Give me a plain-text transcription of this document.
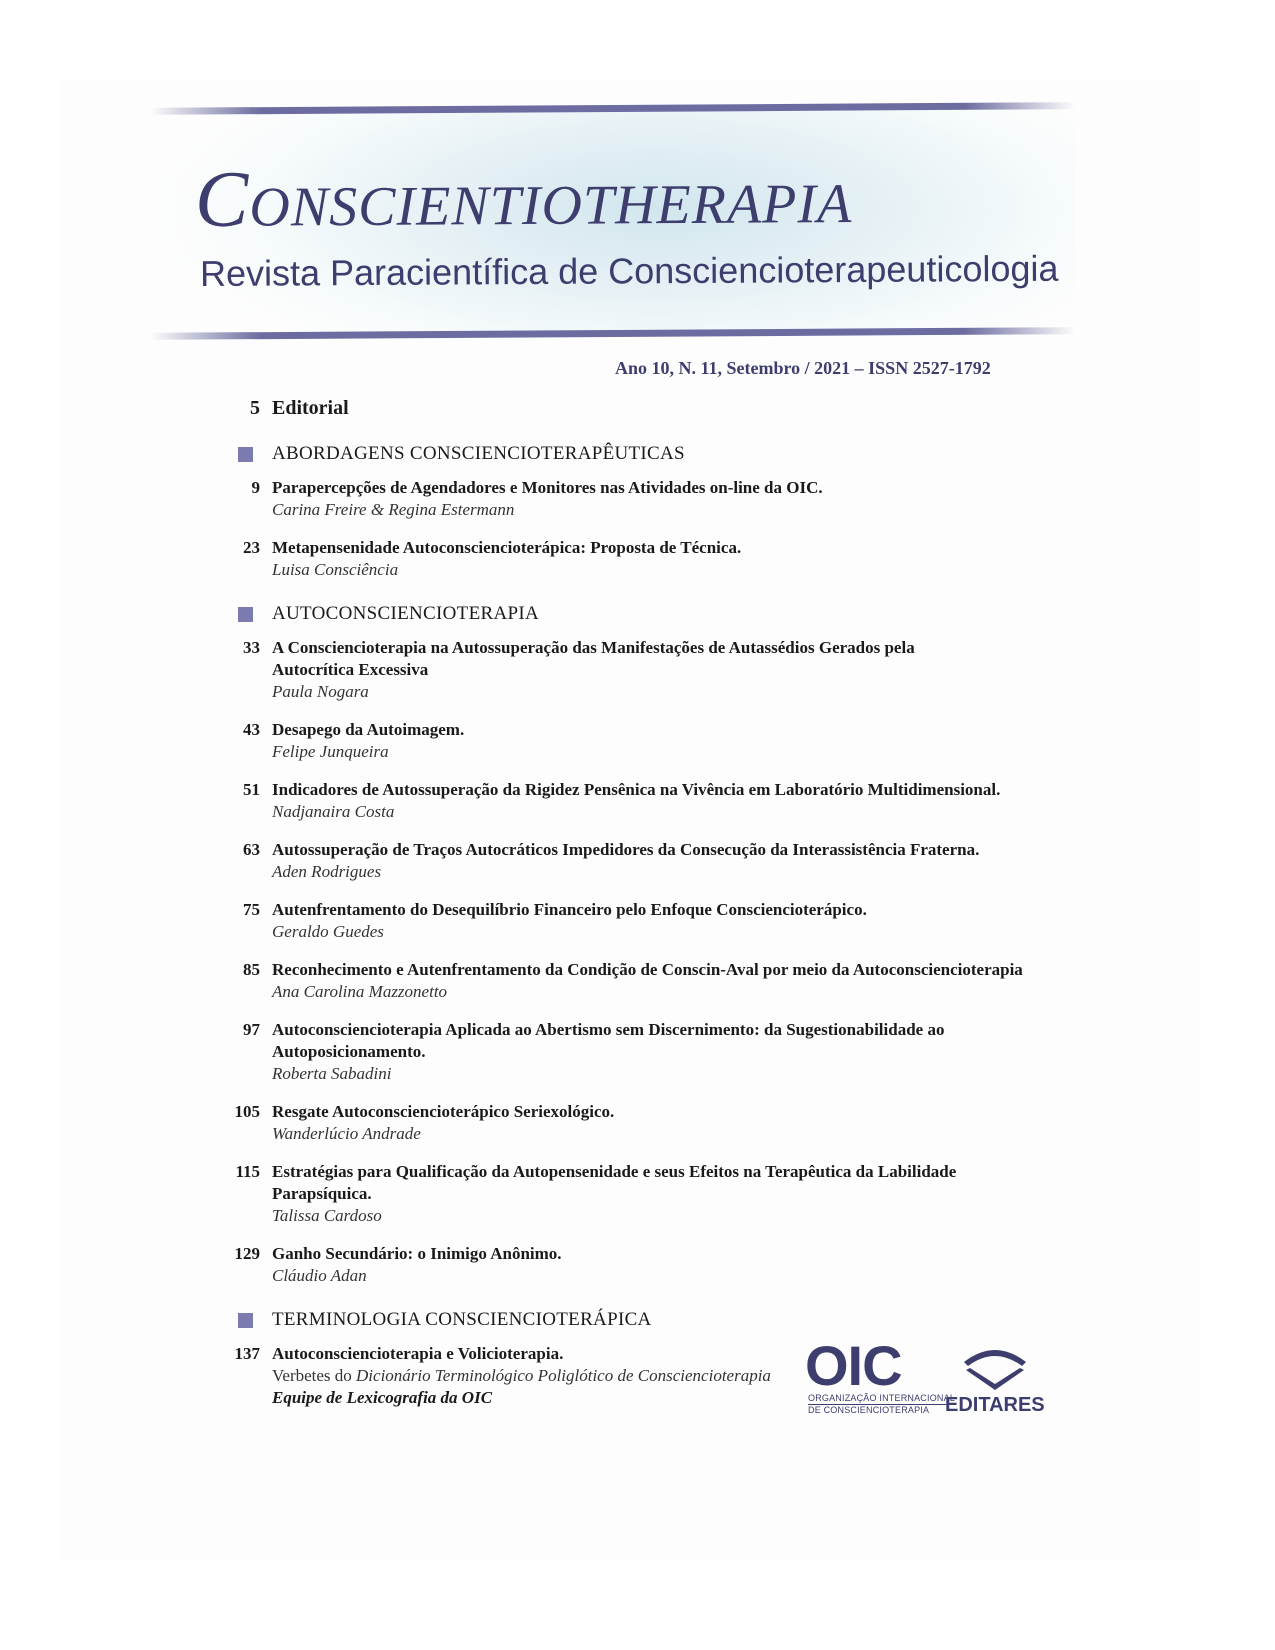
Conscientiotherapia

Revista Paracientífica de Consciencioterapeuticologia

Ano 10, N. 11, Setembro / 2021 – ISSN 2527-1792

5 Editorial
ABORDAGENS CONSCIENCIOTERAPÊUTICAS
9 Parapercepções de Agendadores e Monitores nas Atividades on-line da OIC.
Carina Freire & Regina Estermann
23 Metapensenidade Autoconsciencioterápica: Proposta de Técnica.
Luisa Consciência
AUTOCONSCIENCIOTERAPIA
33 A Consciencioterapia na Autossuperação das Manifestações de Autassédios Gerados pela Autocrítica Excessiva
Paula Nogara
43 Desapego da Autoimagem.
Felipe Junqueira
51 Indicadores de Autossuperação da Rigidez Pensênica na Vivência em Laboratório Multidimensional.
Nadjanaira Costa
63 Autossuperação de Traços Autocráticos Impedidores da Consecução da Interassistência Fraterna.
Aden Rodrigues
75 Autenfrentamento do Desequilíbrio Financeiro pelo Enfoque Consciencioterápico.
Geraldo Guedes
85 Reconhecimento e Autenfrentamento da Condição de Conscin-Aval por meio da Autoconsciencioterapia
Ana Carolina Mazzonetto
97 Autoconsciencioterapia Aplicada ao Abertismo sem Discernimento: da Sugestionabilidade ao Autoposicionamento.
Roberta Sabadini
105 Resgate Autoconsciencioterápico Seriexológico.
Wanderlúcio Andrade
115 Estratégias para Qualificação da Autopensenidade e seus Efeitos na Terapêutica da Labilidade Parapsíquica.
Talissa Cardoso
129 Ganho Secundário: o Inimigo Anônimo.
Cláudio Adan
TERMINOLOGIA CONSCIENCIOTERÁPICA
137 Autoconsciencioterapia e Volicioterapia.
Verbetes do Dicionário Terminológico Poliglótico de Consciencioterapia
Equipe de Lexicografia da OIC
OIC
ORGANIZAÇÃO INTERNACIONAL
DE CONSCIENCIOTERAPIA EDITARES
